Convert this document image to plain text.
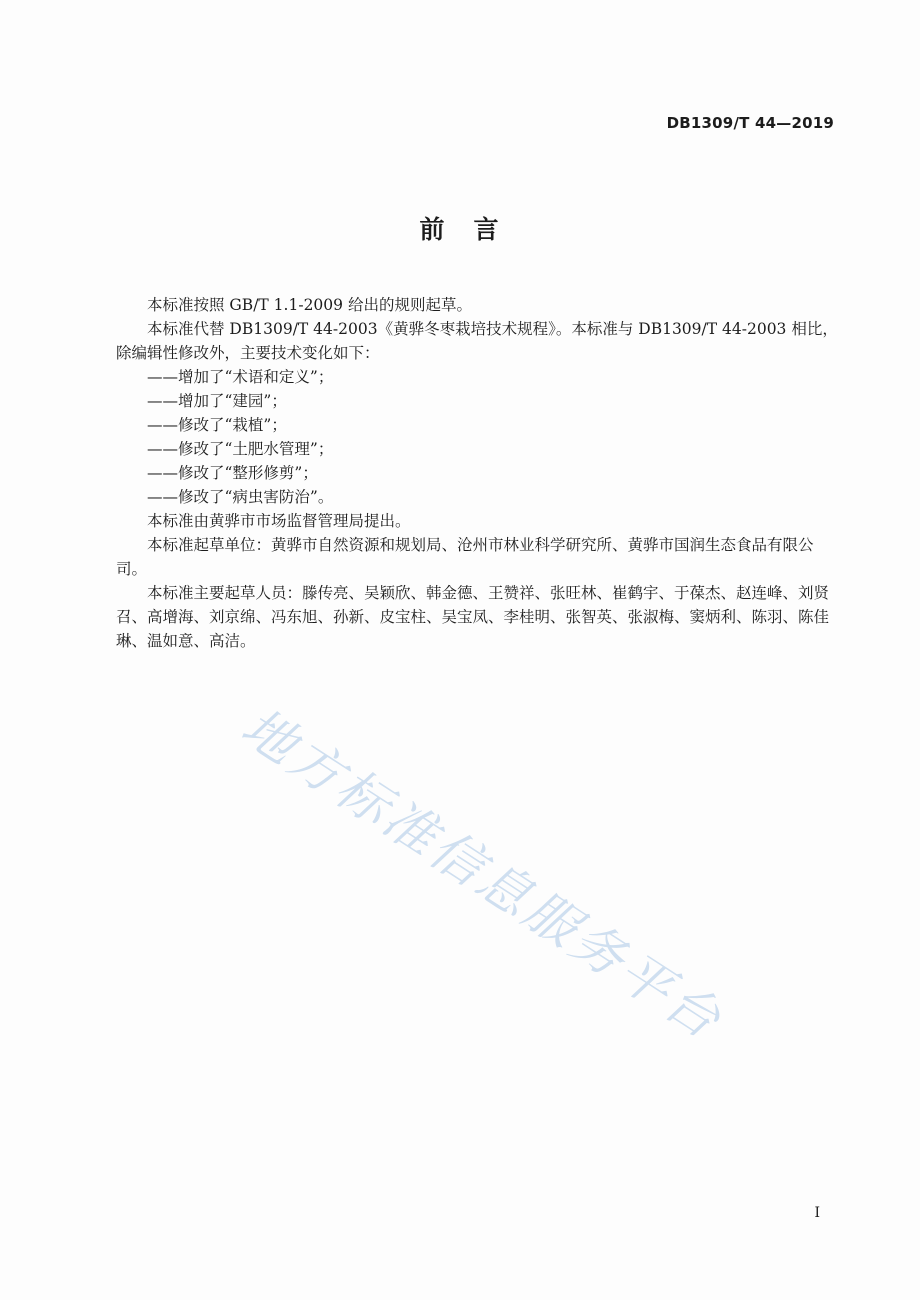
DB1309/T 44—2019
前　言

本标准按照 GB/T 1.1-2009 给出的规则起草。

本标准代替 DB1309/T 44-2003《黄骅冬枣栽培技术规程》。本标准与 DB1309/T 44-2003 相比，除编辑性修改外，主要技术变化如下：

——增加了“术语和定义”；

——增加了“建园”；

——修改了“栽植”；

——修改了“土肥水管理”；

——修改了“整形修剪”；

——修改了“病虫害防治”。

本标准由黄骅市市场监督管理局提出。

本标准起草单位：黄骅市自然资源和规划局、沧州市林业科学研究所、黄骅市国润生态食品有限公司。

本标准主要起草人员：滕传亮、吴颖欣、韩金德、王赞祥、张旺林、崔鹤宇、于葆杰、赵连峰、刘贤召、高增海、刘京绵、冯东旭、孙新、皮宝柱、吴宝凤、李桂明、张智英、张淑梅、窦炳利、陈羽、陈佳琳、温如意、高洁。

地方标准信息服务平台
I
